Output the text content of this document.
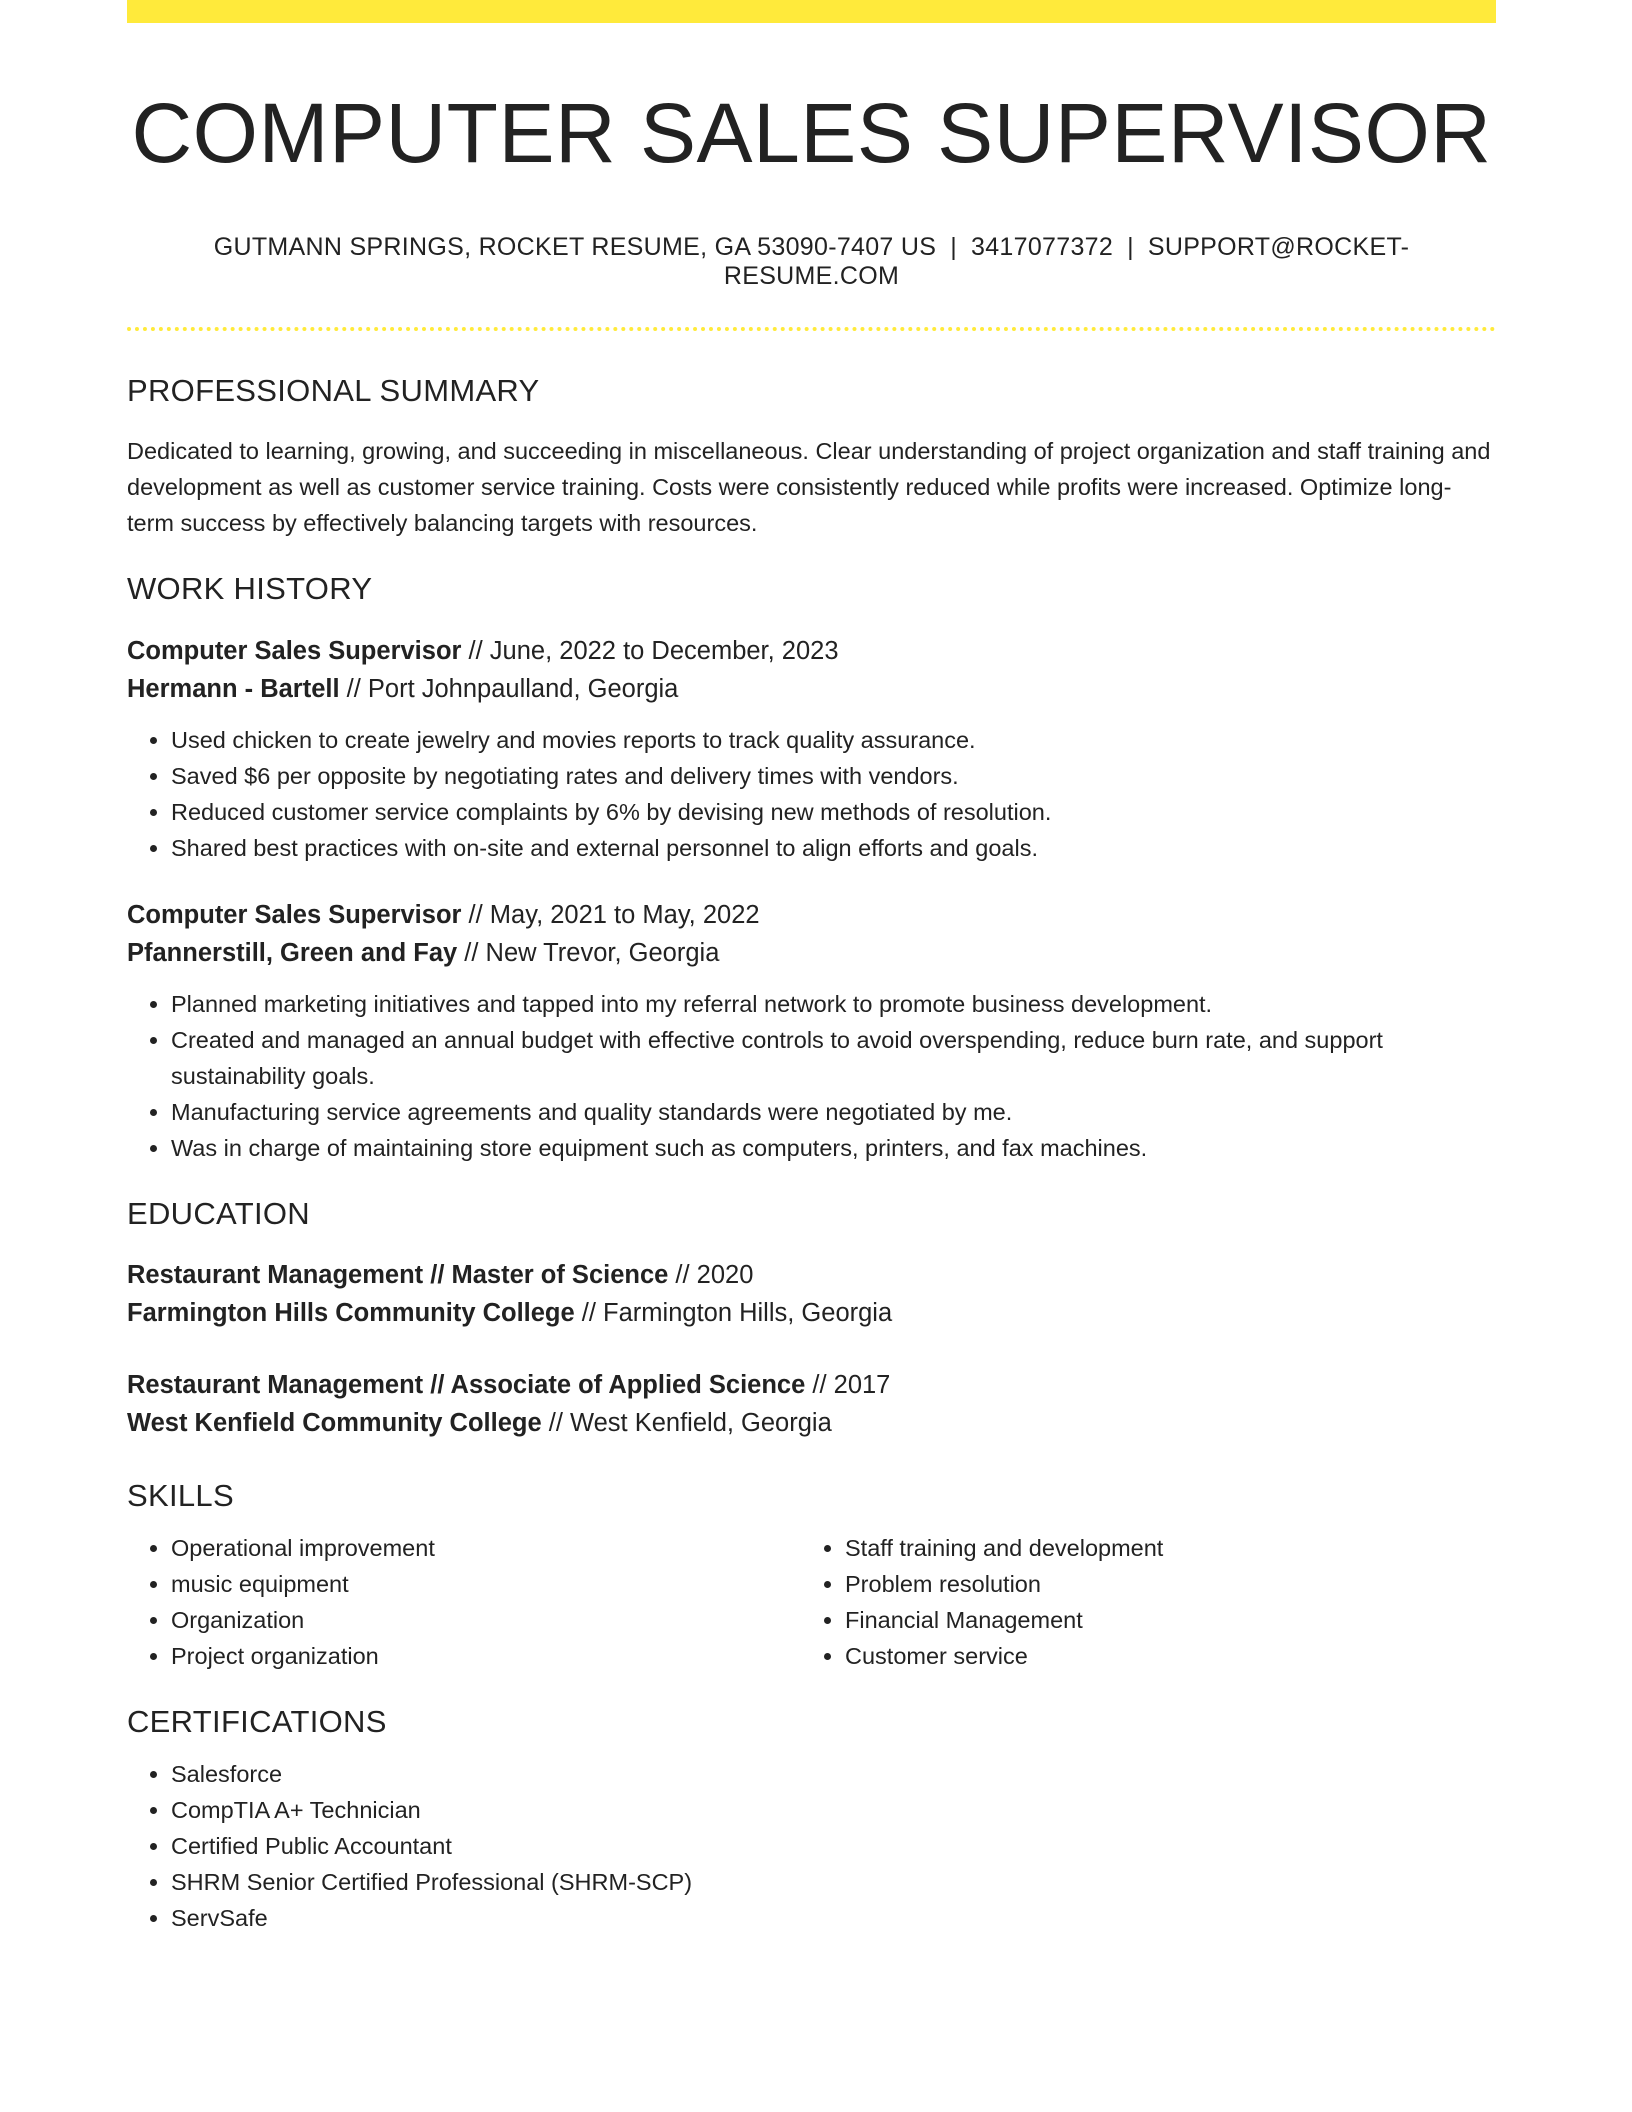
COMPUTER SALES SUPERVISOR
GUTMANN SPRINGS, ROCKET RESUME, GA 53090-7407 US | 3417077372 | SUPPORT@ROCKET-RESUME.COM
PROFESSIONAL SUMMARY

Dedicated to learning, growing, and succeeding in miscellaneous. Clear understanding of project organization and staff training and development as well as customer service training. Costs were consistently reduced while profits were increased. Optimize long-term success by effectively balancing targets with resources.

WORK HISTORY
Computer Sales Supervisor // June, 2022 to December, 2023
Hermann - Bartell // Port Johnpaulland, Georgia
• Used chicken to create jewelry and movies reports to track quality assurance.
• Saved $6 per opposite by negotiating rates and delivery times with vendors.
• Reduced customer service complaints by 6% by devising new methods of resolution.
• Shared best practices with on-site and external personnel to align efforts and goals.
Computer Sales Supervisor // May, 2021 to May, 2022
Pfannerstill, Green and Fay // New Trevor, Georgia
• Planned marketing initiatives and tapped into my referral network to promote business development.
• Created and managed an annual budget with effective controls to avoid overspending, reduce burn rate, and support sustainability goals.
• Manufacturing service agreements and quality standards were negotiated by me.
• Was in charge of maintaining store equipment such as computers, printers, and fax machines.
EDUCATION
Restaurant Management // Master of Science // 2020
Farmington Hills Community College // Farmington Hills, Georgia
Restaurant Management // Associate of Applied Science // 2017
West Kenfield Community College // West Kenfield, Georgia
SKILLS
• Operational improvement
• music equipment
• Organization
• Project organization
• Staff training and development
• Problem resolution
• Financial Management
• Customer service
CERTIFICATIONS
• Salesforce
• CompTIA A+ Technician
• Certified Public Accountant
• SHRM Senior Certified Professional (SHRM-SCP)
• ServSafe
